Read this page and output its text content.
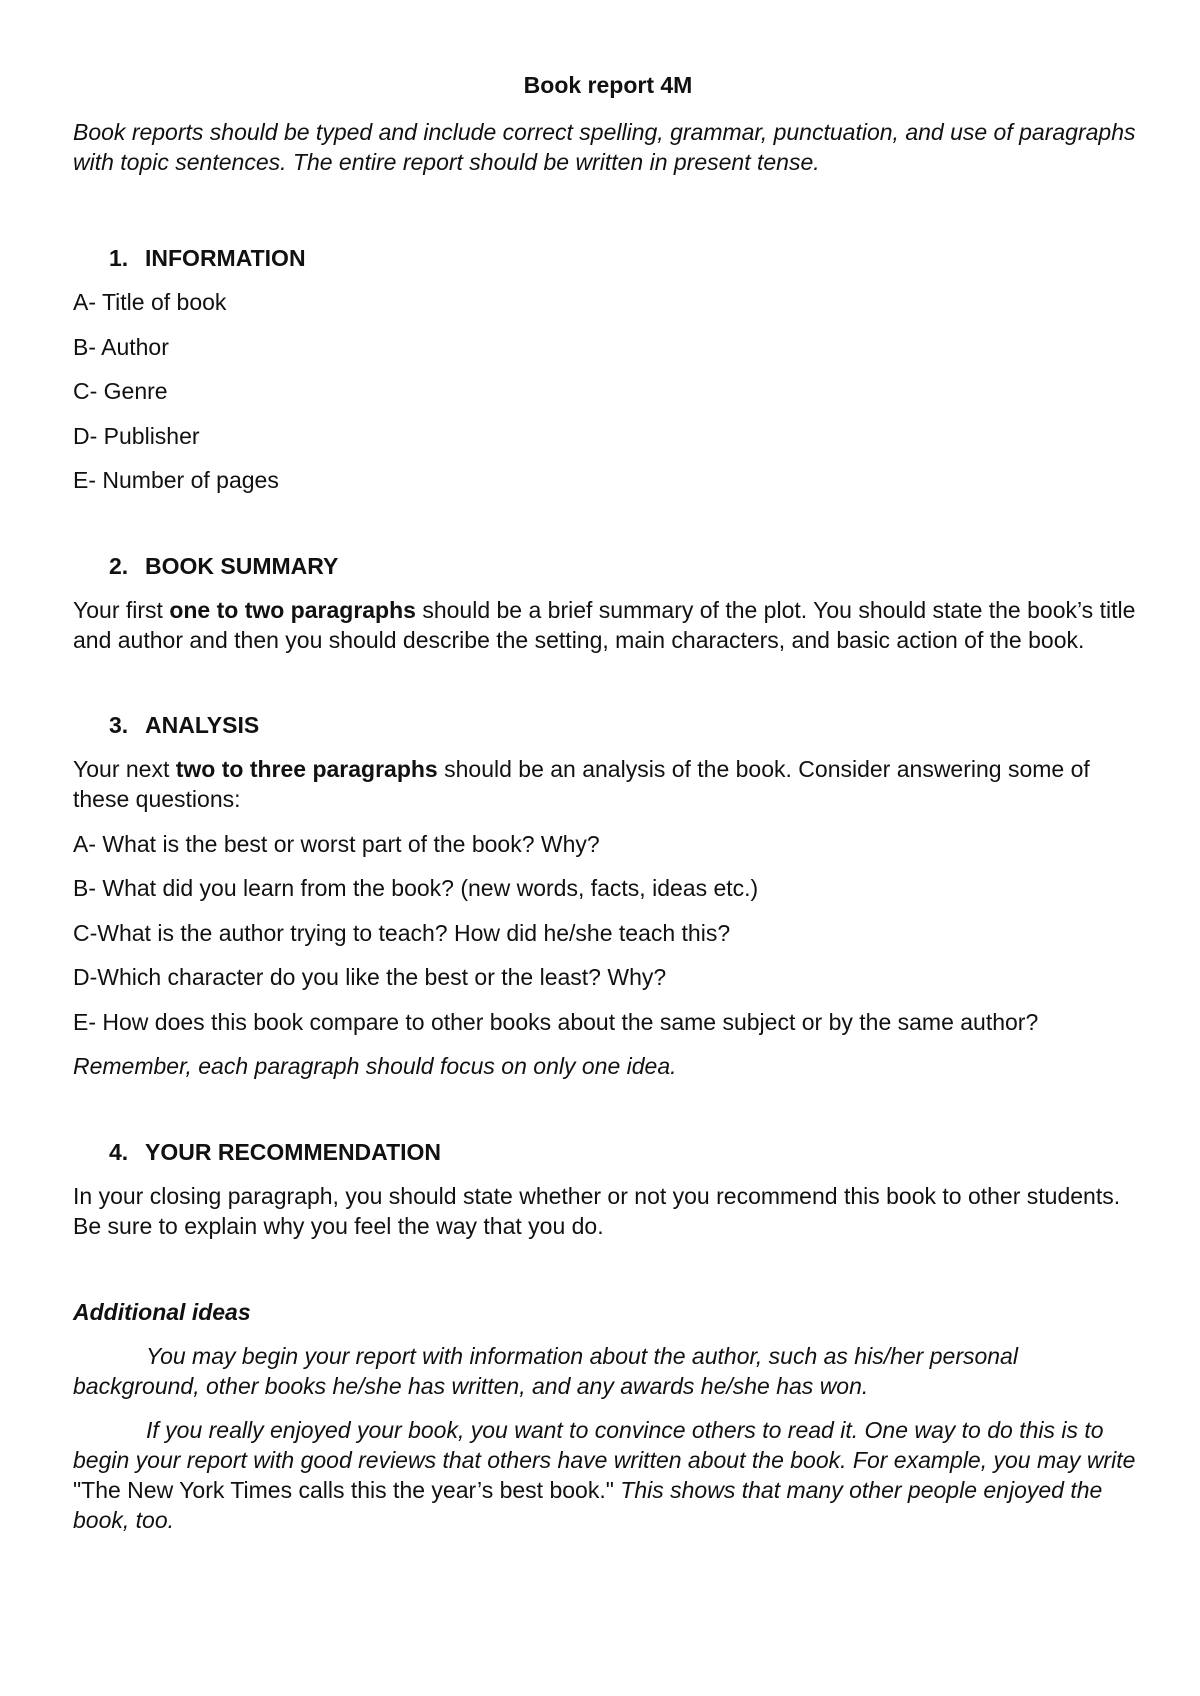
Book report 4M

Book reports should be typed and include correct spelling, grammar, punctuation, and use of paragraphs with topic sentences. The entire report should be written in present tense.

1. INFORMATION

A- Title of book

B- Author

C- Genre

D- Publisher

E- Number of pages

2. BOOK SUMMARY

Your first one to two paragraphs should be a brief summary of the plot. You should state the book’s title and author and then you should describe the setting, main characters, and basic action of the book.

3. ANALYSIS

Your next two to three paragraphs should be an analysis of the book. Consider answering some of these questions:

A- What is the best or worst part of the book? Why?

B- What did you learn from the book? (new words, facts, ideas etc.)

C-What is the author trying to teach? How did he/she teach this?

D-Which character do you like the best or the least? Why?

E- How does this book compare to other books about the same subject or by the same author?

Remember, each paragraph should focus on only one idea.

4. YOUR RECOMMENDATION

In your closing paragraph, you should state whether or not you recommend this book to other students. Be sure to explain why you feel the way that you do.

Additional ideas

You may begin your report with information about the author, such as his/her personal background, other books he/she has written, and any awards he/she has won.

If you really enjoyed your book, you want to convince others to read it. One way to do this is to begin your report with good reviews that others have written about the book. For example, you may write "The New York Times calls this the year’s best book." This shows that many other people enjoyed the book, too.
